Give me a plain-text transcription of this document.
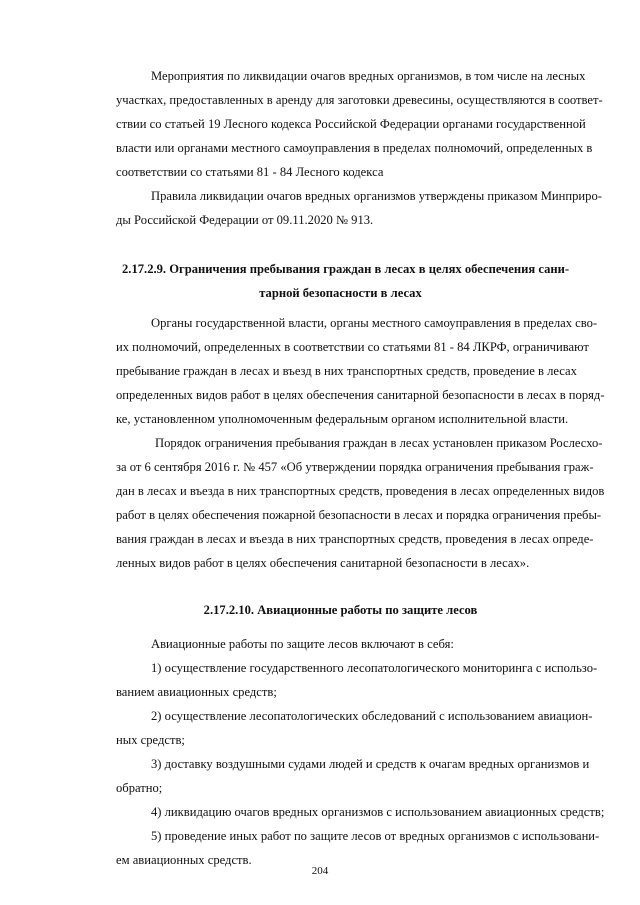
Мероприятия по ликвидации очагов вредных организмов, в том числе на лесных
участках, предоставленных в аренду для заготовки древесины, осуществляются в соответ-
ствии со статьей 19 Лесного кодекса Российской Федерации органами государственной
власти или органами местного самоуправления в пределах полномочий, определенных в
соответствии со статьями 81 - 84 Лесного кодекса
Правила ликвидации очагов вредных организмов утверждены приказом Минприро-
ды Российской Федерации от 09.11.2020 № 913.
2.17.2.9. Ограничения пребывания граждан в лесах в целях обеспечения сани-
тарной безопасности в лесах
Органы государственной власти, органы местного самоуправления в пределах сво-
их полномочий, определенных в соответствии со статьями 81 - 84 ЛКРФ, ограничивают
пребывание граждан в лесах и въезд в них транспортных средств, проведение в лесах
определенных видов работ в целях обеспечения санитарной безопасности в лесах в поряд-
ке, установленном уполномоченным федеральным органом исполнительной власти.
Порядок ограничения пребывания граждан в лесах установлен приказом Рослесхо-
за от 6 сентября 2016 г. № 457 «Об утверждении порядка ограничения пребывания граж-
дан в лесах и въезда в них транспортных средств, проведения в лесах определенных видов
работ в целях обеспечения пожарной безопасности в лесах и порядка ограничения пребы-
вания граждан в лесах и въезда в них транспортных средств, проведения в лесах опреде-
ленных видов работ в целях обеспечения санитарной безопасности в лесах».
2.17.2.10. Авиационные работы по защите лесов
Авиационные работы по защите лесов включают в себя:
1) осуществление государственного лесопатологического мониторинга с использо-
ванием авиационных средств;
2) осуществление лесопатологических обследований с использованием авиацион-
ных средств;
3) доставку воздушными судами людей и средств к очагам вредных организмов и
обратно;
4) ликвидацию очагов вредных организмов с использованием авиационных средств;
5) проведение иных работ по защите лесов от вредных организмов с использовани-
ем авиационных средств.
204
